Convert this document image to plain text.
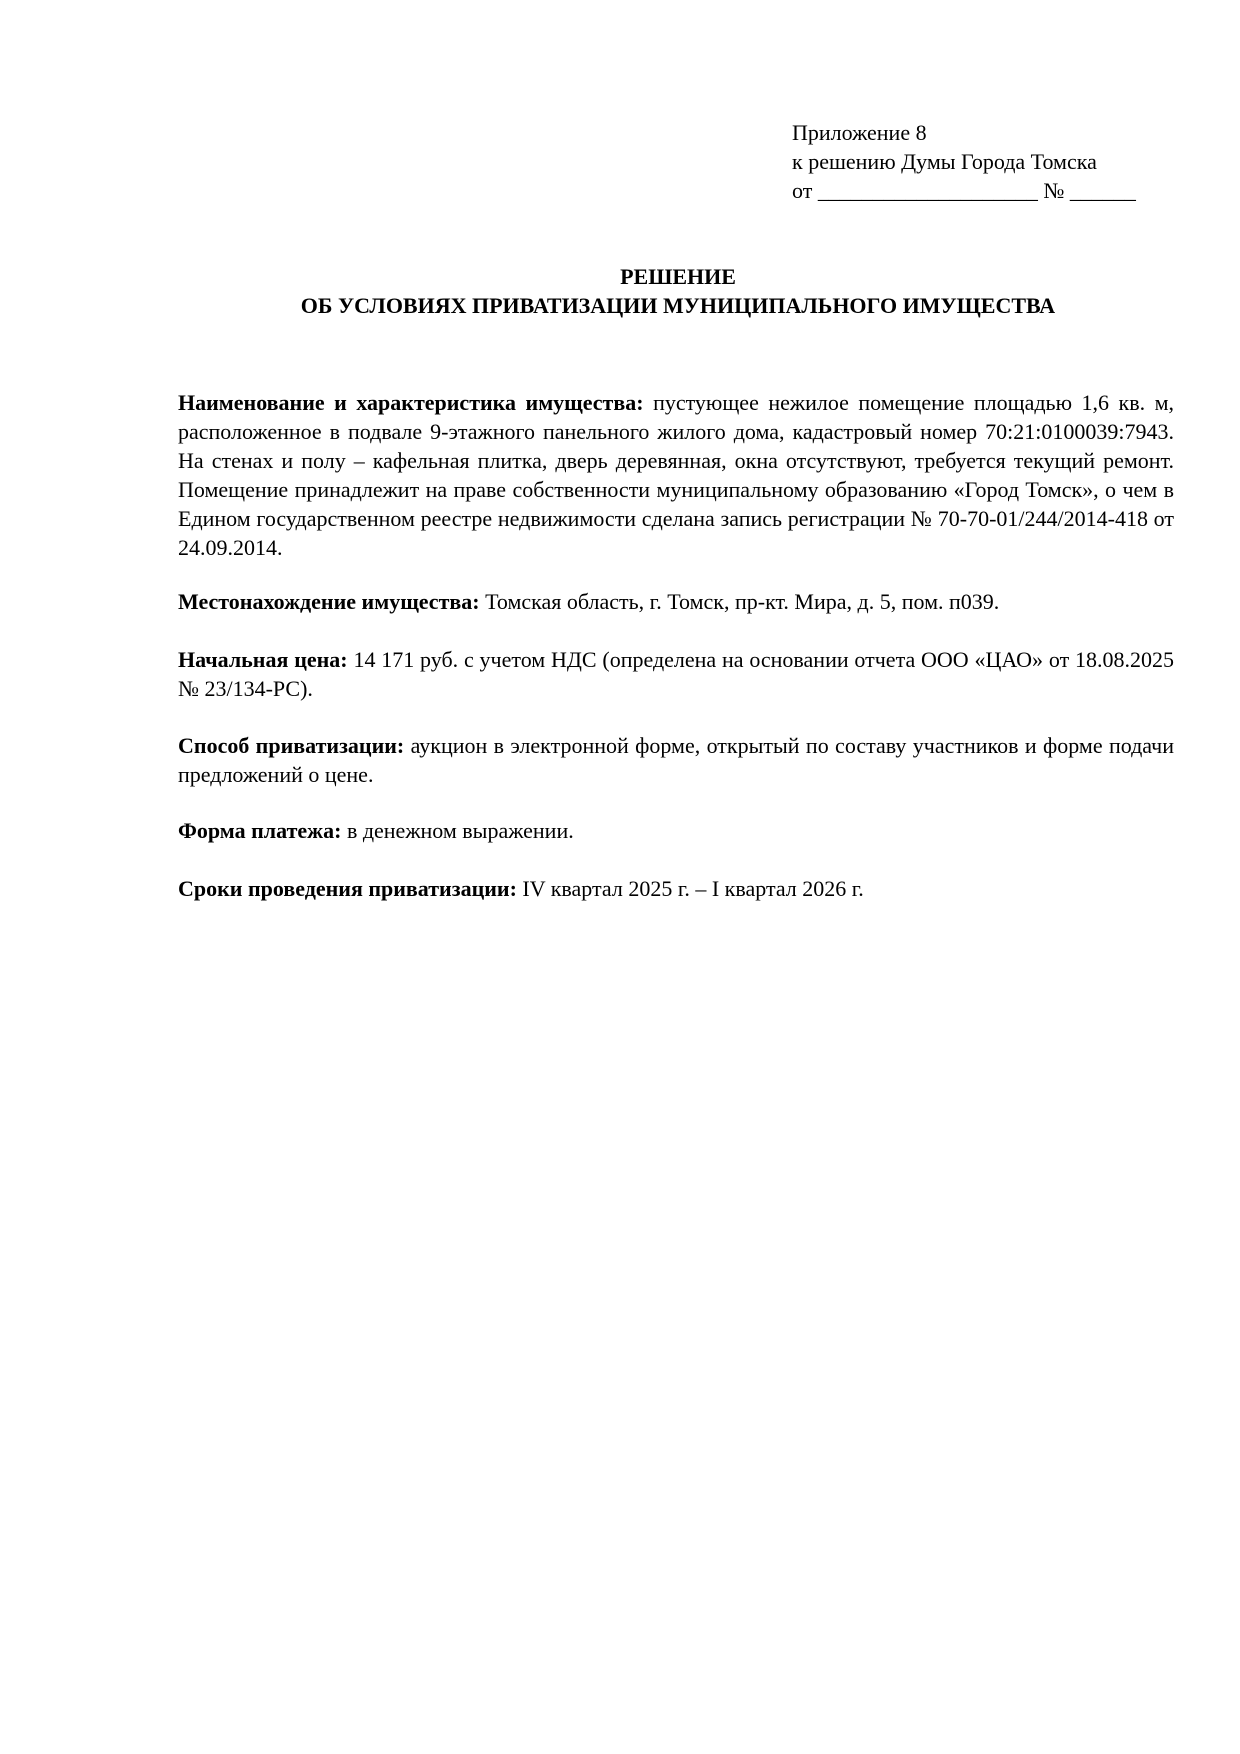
Приложение 8
к решению Думы Города Томска
от ____________________ № ______
РЕШЕНИЕ
ОБ УСЛОВИЯХ ПРИВАТИЗАЦИИ МУНИЦИПАЛЬНОГО ИМУЩЕСТВА

Наименование и характеристика имущества: пустующее нежилое помещение площадью 1,6 кв. м, расположенное в подвале 9-этажного панельного жилого дома, кадастровый номер 70:21:0100039:7943. На стенах и полу – кафельная плитка, дверь деревянная, окна отсутствуют, требуется текущий ремонт. Помещение принадлежит на праве собственности муниципальному образованию «Город Томск», о чем в Едином государственном реестре недвижимости сделана запись регистрации № 70-70-01/244/2014-418 от 24.09.2014.

Местонахождение имущества: Томская область, г. Томск, пр-кт. Мира, д. 5, пом. п039.

Начальная цена: 14 171 руб. с учетом НДС (определена на основании отчета ООО «ЦАО» от 18.08.2025 № 23/134-РС).

Способ приватизации: аукцион в электронной форме, открытый по составу участников и форме подачи предложений о цене.

Форма платежа: в денежном выражении.

Сроки проведения приватизации: IV квартал 2025 г. – I квартал 2026 г.
